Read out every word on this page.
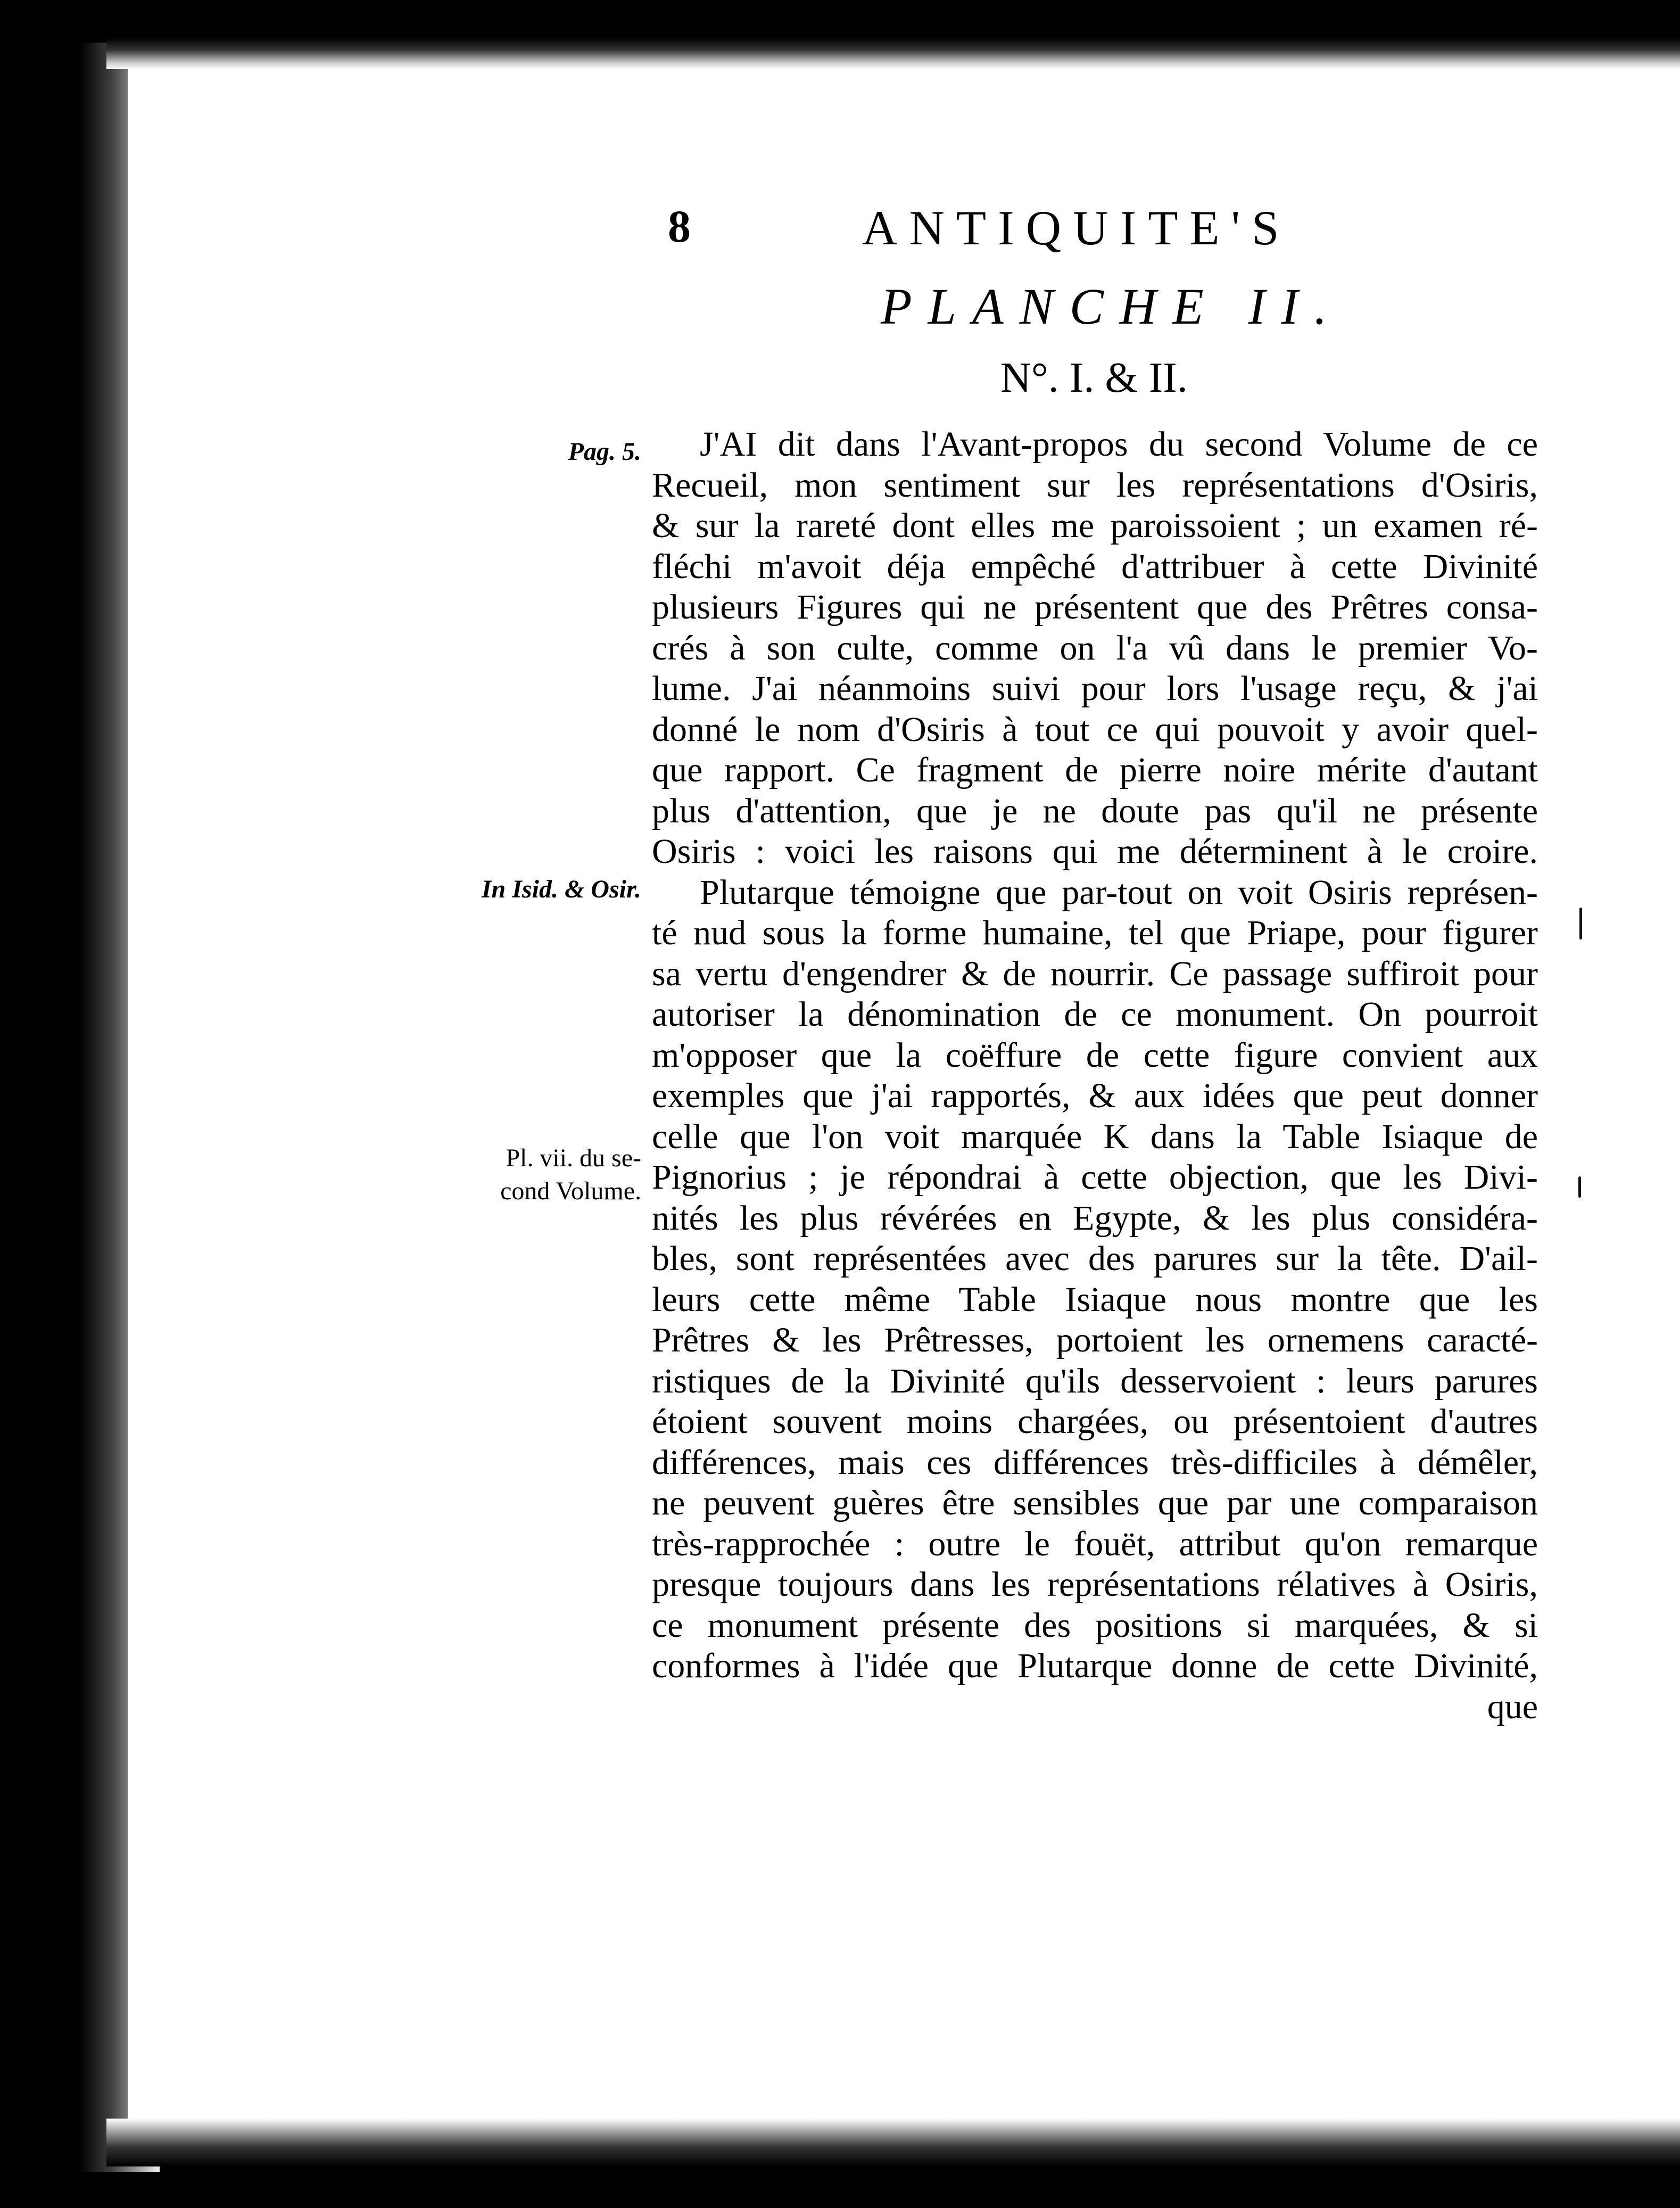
8	ANTIQUITE'S
PLANCHE II.
N°. I. & II.
Pag. 5.
In Isid. & Osir.
Pl. vii. du se-
cond Volume.
J'AI dit dans l'Avant-propos du second Volume de ce
Recueil, mon sentiment sur les représentations d'Osiris,
& sur la rareté dont elles me paroissoient ; un examen ré-
fléchi m'avoit déja empêché d'attribuer à cette Divinité
plusieurs Figures qui ne présentent que des Prêtres consa-
crés à son culte, comme on l'a vû dans le premier Vo-
lume. J'ai néanmoins suivi pour lors l'usage reçu, & j'ai
donné le nom d'Osiris à tout ce qui pouvoit y avoir quel-
que rapport. Ce fragment de pierre noire mérite d'autant
plus d'attention, que je ne doute pas qu'il ne présente
Osiris : voici les raisons qui me déterminent à le croire.
Plutarque témoigne que par-tout on voit Osiris représen-
té nud sous la forme humaine, tel que Priape, pour figurer
sa vertu d'engendrer & de nourrir. Ce passage suffiroit pour
autoriser la dénomination de ce monument. On pourroit
m'opposer que la coëffure de cette figure convient aux
exemples que j'ai rapportés, & aux idées que peut donner
celle que l'on voit marquée K dans la Table Isiaque de
Pignorius ; je répondrai à cette objection, que les Divi-
nités les plus révérées en Egypte, & les plus considéra-
bles, sont représentées avec des parures sur la tête. D'ail-
leurs cette même Table Isiaque nous montre que les
Prêtres & les Prêtresses, portoient les ornemens caracté-
ristiques de la Divinité qu'ils desservoient : leurs parures
étoient souvent moins chargées, ou présentoient d'autres
différences, mais ces différences très-difficiles à démêler,
ne peuvent guères être sensibles que par une comparaison
très-rapprochée : outre le fouët, attribut qu'on remarque
presque toujours dans les représentations rélatives à Osiris,
ce monument présente des positions si marquées, & si
conformes à l'idée que Plutarque donne de cette Divinité,
que
